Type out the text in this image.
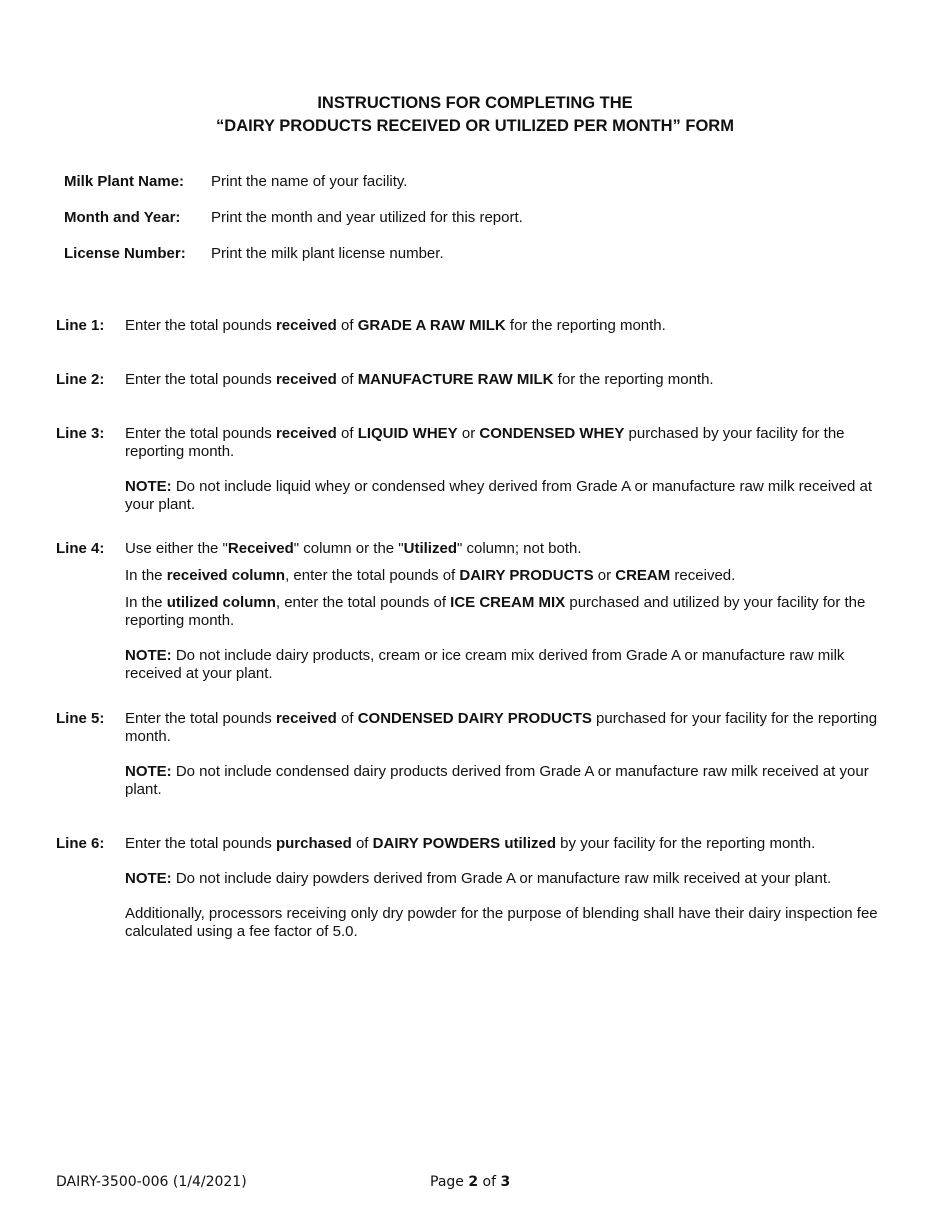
INSTRUCTIONS FOR COMPLETING THE
“DAIRY PRODUCTS RECEIVED OR UTILIZED PER MONTH” FORM
Milk Plant Name: Print the name of your facility.
Month and Year: Print the month and year utilized for this report.
License Number: Print the milk plant license number.
Line 1: Enter the total pounds received of GRADE A RAW MILK for the reporting month.

Line 2: Enter the total pounds received of MANUFACTURE RAW MILK for the reporting month.

Line 3: Enter the total pounds received of LIQUID WHEY or CONDENSED WHEY purchased by your facility for the reporting month.

NOTE: Do not include liquid whey or condensed whey derived from Grade A or manufacture raw milk received at your plant.

Line 4: Use either the "Received" column or the "Utilized" column; not both.

In the received column, enter the total pounds of DAIRY PRODUCTS or CREAM received.

In the utilized column, enter the total pounds of ICE CREAM MIX purchased and utilized by your facility for the reporting month.

NOTE: Do not include dairy products, cream or ice cream mix derived from Grade A or manufacture raw milk received at your plant.

Line 5: Enter the total pounds received of CONDENSED DAIRY PRODUCTS purchased for your facility for the reporting month.

NOTE: Do not include condensed dairy products derived from Grade A or manufacture raw milk received at your plant.

Line 6: Enter the total pounds purchased of DAIRY POWDERS utilized by your facility for the reporting month.

NOTE: Do not include dairy powders derived from Grade A or manufacture raw milk received at your plant.

Additionally, processors receiving only dry powder for the purpose of blending shall have their dairy inspection fee calculated using a fee factor of 5.0.

DAIRY-3500-006 (1/4/2021)	Page 2 of 3
